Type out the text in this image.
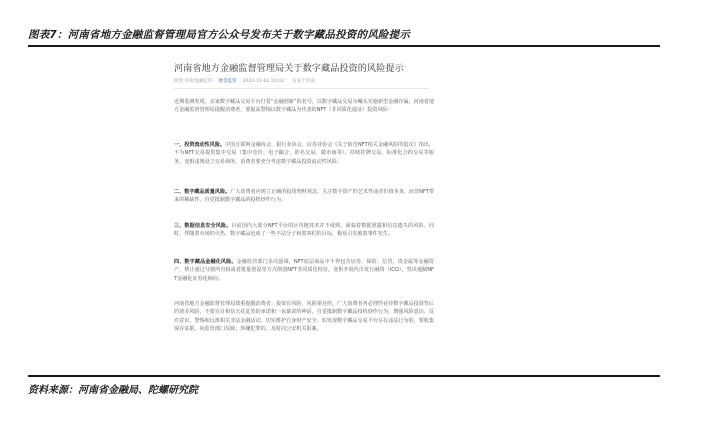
图表7：河南省地方金融监督管理局官方公众号发布关于数字藏品投资的风险提示
河南省地方金融监督管理局关于数字藏品投资的风险提示
原创 河南金融监管 豫金监管 2022-11-02 20:02 发表于河南
近期监测发现，多家数字藏品交易平台打着“金融创新”的名号，以数字藏品交易为噱头实施新型金融诈骗。河南省地方金融监督管理局提醒消费者，要提高警惕以数字藏品为代表的NFT（非同质化通证）投资风险：
一、投资流动性风险。中国互联网金融协会、银行业协会、证券业协会《关于防范NFT相关金融风险的倡议》指出，不为NFT交易提供集中交易（集中竞价、电子撮合、匿名交易、做市商等）、持续挂牌交易、标准化合约交易等服务，变相违规设立交易场所。消费者要充分考虑数字藏品投资流动性风险。
二、数字藏品质量风险。广大消费者应树立正确的投资理财观念，关注数字资产的艺术性或者价值本身，而非NFT带来的稀缺性，自觉抵制数字藏品的投机炒作行为。
三、数据信息安全风险。目前国内大部分NFT平台的区块链技术并不成熟，面临着数据泄露和信息遗失的风险。同时，伴随着市场的火热，数字藏品也成了一些不法分子和黑客们的目标，极易引发被盗事件发生。
四、数字藏品金融化风险。金融监管部门多次强调，NFT底层商品中不得包含证券、保险、信贷、贵金属等金融资产，禁止通过分割所有权或者批量创设等方式削弱NFT非同质化特征，变相开展代币发行融资（ICO），坚决遏制NFT金融化证券化倾向。
河南省地方金融监督管理局郑重提醒消费者：投资有风险，风险须自担。广大消费者务必理性看待数字藏品投资背后的诸多风险，不要盲目相信天花乱坠的承诺和一夜暴富的神话，自觉抵制数字藏品投机炒作行为，增强风险意识，反诈意识，警惕和远离相关非法金融活动，切实维护自身财产安全。如发现数字藏品交易平台存在违法行为的，要收集保存证据，向监管部门反映；涉嫌犯罪的，及时向公安机关报案。
资料来源：河南省金融局、陀螺研究院
